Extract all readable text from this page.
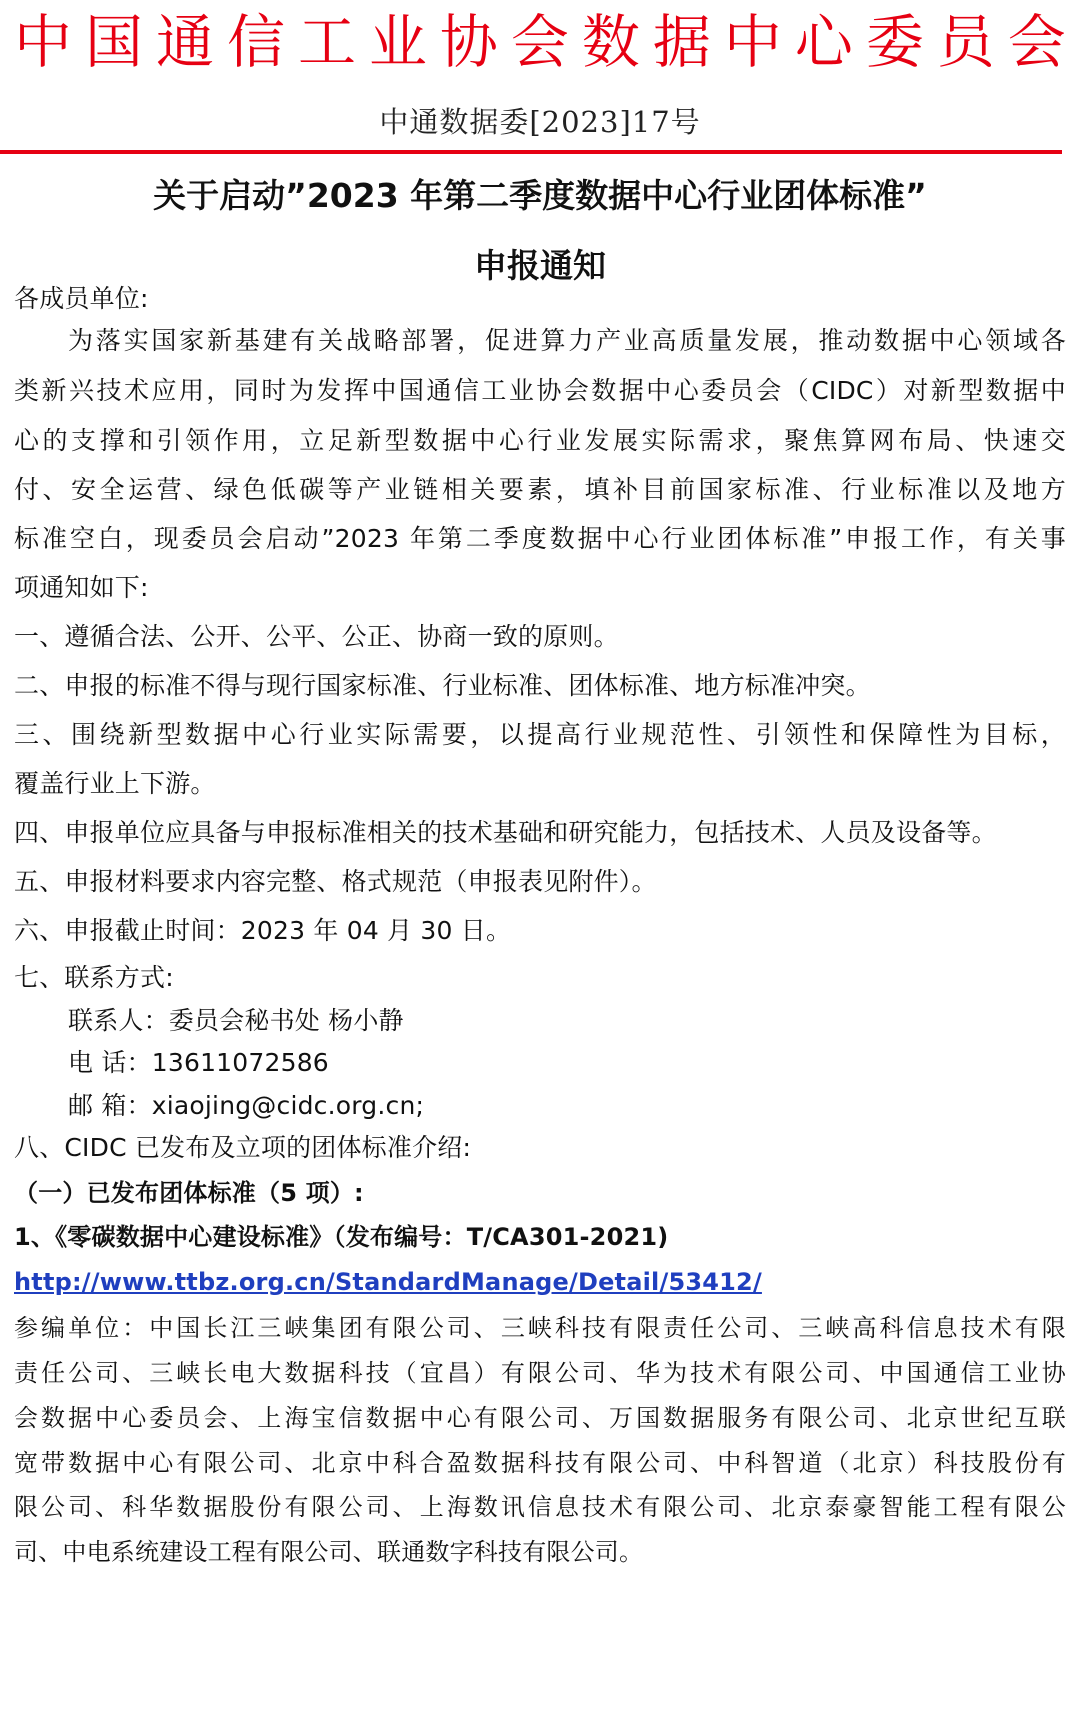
中 国 通 信 工 业 协 会 数 据 中 心 委 员 会
中通数据委[2023]17号
关于启动”2023 年第二季度数据中心行业团体标准”
申报通知
各成员单位:
为落实国家新基建有关战略部署，促进算力产业高质量发展，推动数据中心领域各
类新兴技术应用，同时为发挥中国通信工业协会数据中心委员会（CIDC）对新型数据中
心的支撑和引领作用，立足新型数据中心行业发展实际需求，聚焦算网布局、快速交
付、安全运营、绿色低碳等产业链相关要素，填补目前国家标准、行业标准以及地方
标准空白，现委员会启动”2023 年第二季度数据中心行业团体标准”申报工作，有关事
项通知如下:
一、遵循合法、公开、公平、公正、协商一致的原则。
二、申报的标准不得与现行国家标准、行业标准、团体标准、地方标准冲突。
三、围绕新型数据中心行业实际需要，以提高行业规范性、引领性和保障性为目标，
覆盖行业上下游。
四、申报单位应具备与申报标准相关的技术基础和研究能力，包括技术、人员及设备等。
五、申报材料要求内容完整、格式规范（申报表见附件）。
六、申报截止时间：2023 年 04 月 30 日。
七、联系方式:
联系人：委员会秘书处 杨小静
电 话：13611072586
邮 箱：xiaojing@cidc.org.cn;
八、CIDC 已发布及立项的团体标准介绍:
（一）已发布团体标准（5 项）:
1、《零碳数据中心建设标准》（发布编号：T/CA301-2021)
http://www.ttbz.org.cn/StandardManage/Detail/53412/
参编单位：中国长江三峡集团有限公司、三峡科技有限责任公司、三峡高科信息技术有限
责任公司、三峡长电大数据科技（宜昌）有限公司、华为技术有限公司、中国通信工业协
会数据中心委员会、上海宝信数据中心有限公司、万国数据服务有限公司、北京世纪互联
宽带数据中心有限公司、北京中科合盈数据科技有限公司、中科智道（北京）科技股份有
限公司、科华数据股份有限公司、上海数讯信息技术有限公司、北京泰豪智能工程有限公
司、中电系统建设工程有限公司、联通数字科技有限公司。
